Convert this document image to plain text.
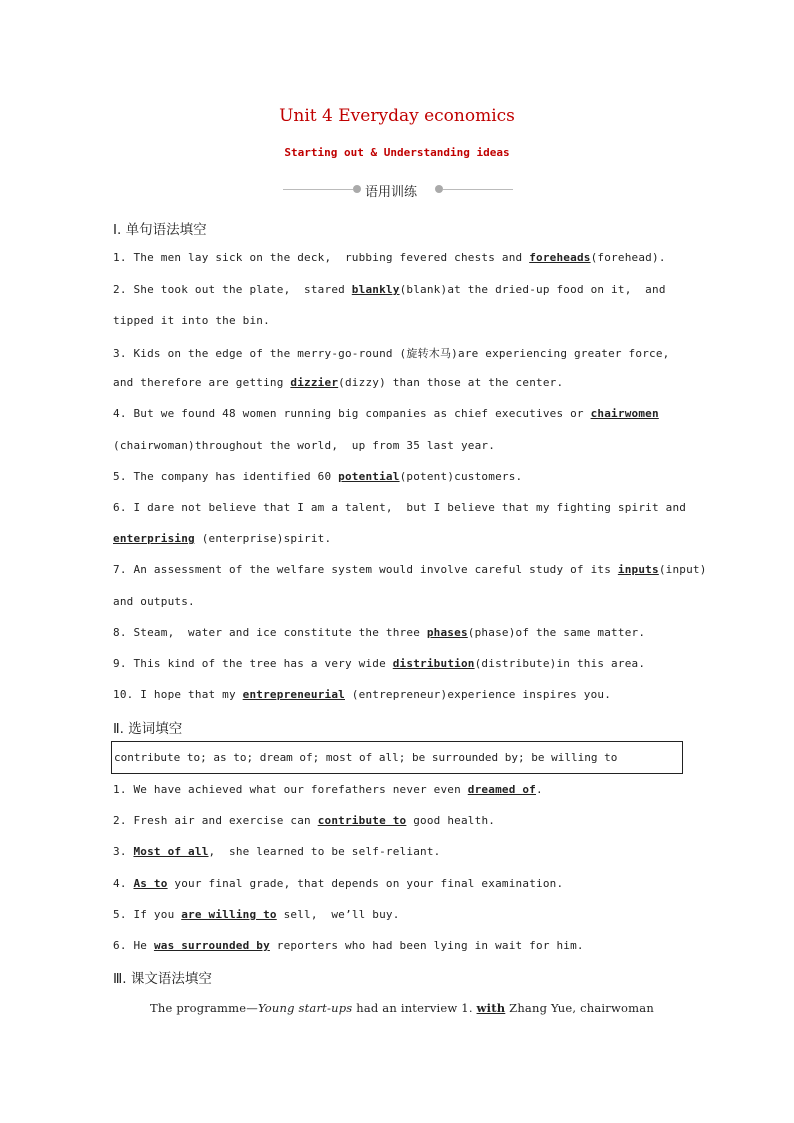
Unit 4 Everyday economics
Starting out & Understanding ideas
语用训练
Ⅰ. 单句语法填空
1. The men lay sick on the deck,  rubbing fevered chests and foreheads(forehead).
2. She took out the plate,  stared blankly(blank)at the dried-up food on it,  and
tipped it into the bin.
3. Kids on the edge of the merry-go-round (旋转木马)are experiencing greater force,
and therefore are getting dizzier(dizzy) than those at the center.
4. But we found 48 women running big companies as chief executives or chairwomen
(chairwoman)throughout the world,  up from 35 last year.
5. The company has identified 60 potential(potent)customers.
6. I dare not believe that I am a talent,  but I believe that my fighting spirit and
enterprising (enterprise)spirit.
7. An assessment of the welfare system would involve careful study of its inputs(input)
and outputs.
8. Steam,  water and ice constitute the three phases(phase)of the same matter.
9. This kind of the tree has a very wide distribution(distribute)in this area.
10. I hope that my entrepreneurial (entrepreneur)experience inspires you.
Ⅱ. 选词填空
contribute to; as to; dream of; most of all; be surrounded by; be willing to
1. We have achieved what our forefathers never even dreamed of.
2. Fresh air and exercise can contribute to good health.
3. Most of all,  she learned to be self-reliant.
4. As to your final grade, that depends on your final examination.
5. If you are willing to sell,  we’ll buy.
6. He was surrounded by reporters who had been lying in wait for him.
Ⅲ. 课文语法填空
The programme—Young start-ups had an interview 1. with Zhang Yue, chairwoman
